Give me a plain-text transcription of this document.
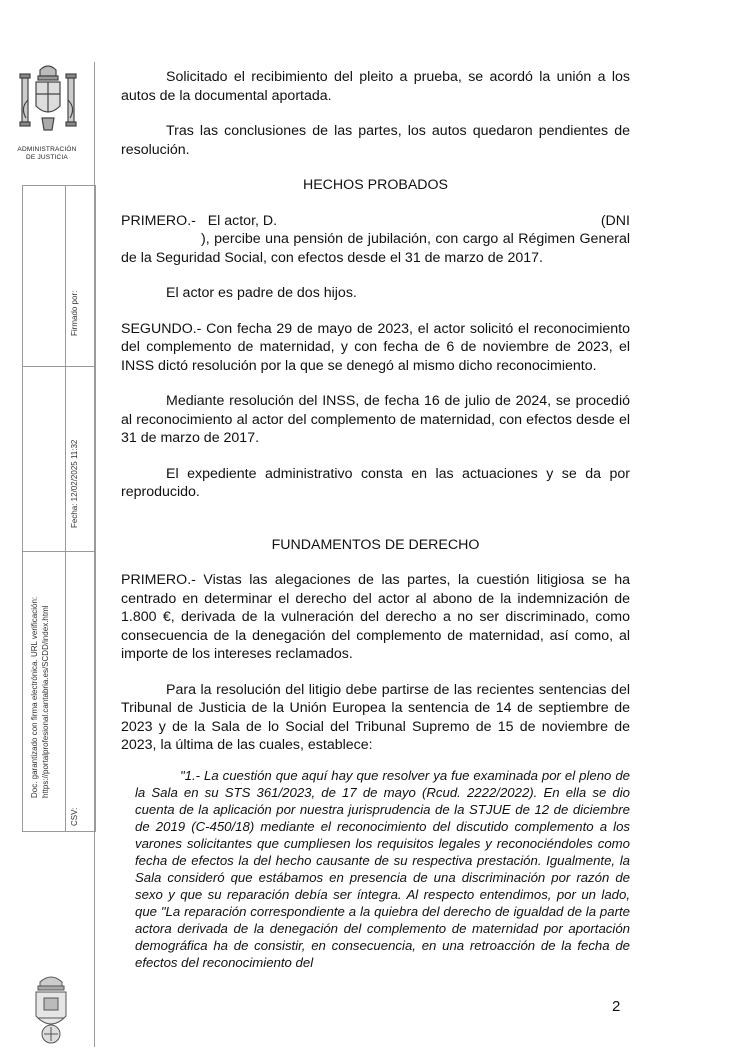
ADMINISTRACIÓN
DE JUSTICIA
Firmado por:
Fecha: 12/02/2025 11:32
Doc. garantizado con firma electrónica. URL verificación: https://portalprofesional.cantabria.es/SCDD/index.html
CSV:

Solicitado el recibimiento del pleito a prueba, se acordó la unión a los autos de la documental aportada.

Tras las conclusiones de las partes, los autos quedaron pendientes de resolución.

HECHOS PROBADOS

PRIMERO.-   El actor, D.	(DNI

), percibe una pensión de jubilación, con cargo al Régimen General de la Seguridad Social, con efectos desde el 31 de marzo de 2017.

El actor es padre de dos hijos.

SEGUNDO.- Con fecha 29 de mayo de 2023, el actor solicitó el reconocimiento del complemento de maternidad, y con fecha de 6 de noviembre de 2023, el INSS dictó resolución por la que se denegó al mismo dicho reconocimiento.

Mediante resolución del INSS, de fecha 16 de julio de 2024, se procedió al reconocimiento al actor del complemento de maternidad, con efectos desde el 31 de marzo de 2017.

El expediente administrativo consta en las actuaciones y se da por reproducido.

FUNDAMENTOS DE DERECHO

PRIMERO.- Vistas las alegaciones de las partes, la cuestión litigiosa se ha centrado en determinar el derecho del actor al abono de la indemnización de 1.800 €, derivada de la vulneración del derecho a no ser discriminado, como consecuencia de la denegación del complemento de maternidad, así como, al importe de los intereses reclamados.

Para la resolución del litigio debe partirse de las recientes sentencias del Tribunal de Justicia de la Unión Europea la sentencia de 14 de septiembre de 2023 y de la Sala de lo Social del Tribunal Supremo de 15 de noviembre de 2023, la última de las cuales, establece:

"1.- La cuestión que aquí hay que resolver ya fue examinada por el pleno de la Sala en su STS 361/2023, de 17 de mayo (Rcud. 2222/2022). En ella se dio cuenta de la aplicación por nuestra jurisprudencia de la STJUE de 12 de diciembre de 2019 (C-450/18) mediante el reconocimiento del discutido complemento a los varones solicitantes que cumpliesen los requisitos legales y reconociéndoles como fecha de efectos la del hecho causante de su respectiva prestación. Igualmente, la Sala consideró que estábamos en presencia de una discriminación por razón de sexo y que su reparación debía ser íntegra. Al respecto entendimos, por un lado, que "La reparación correspondiente a la quiebra del derecho de igualdad de la parte actora derivada de la denegación del complemento de maternidad por aportación demográfica ha de consistir, en consecuencia, en una retroacción de la fecha de efectos del reconocimiento del

2
